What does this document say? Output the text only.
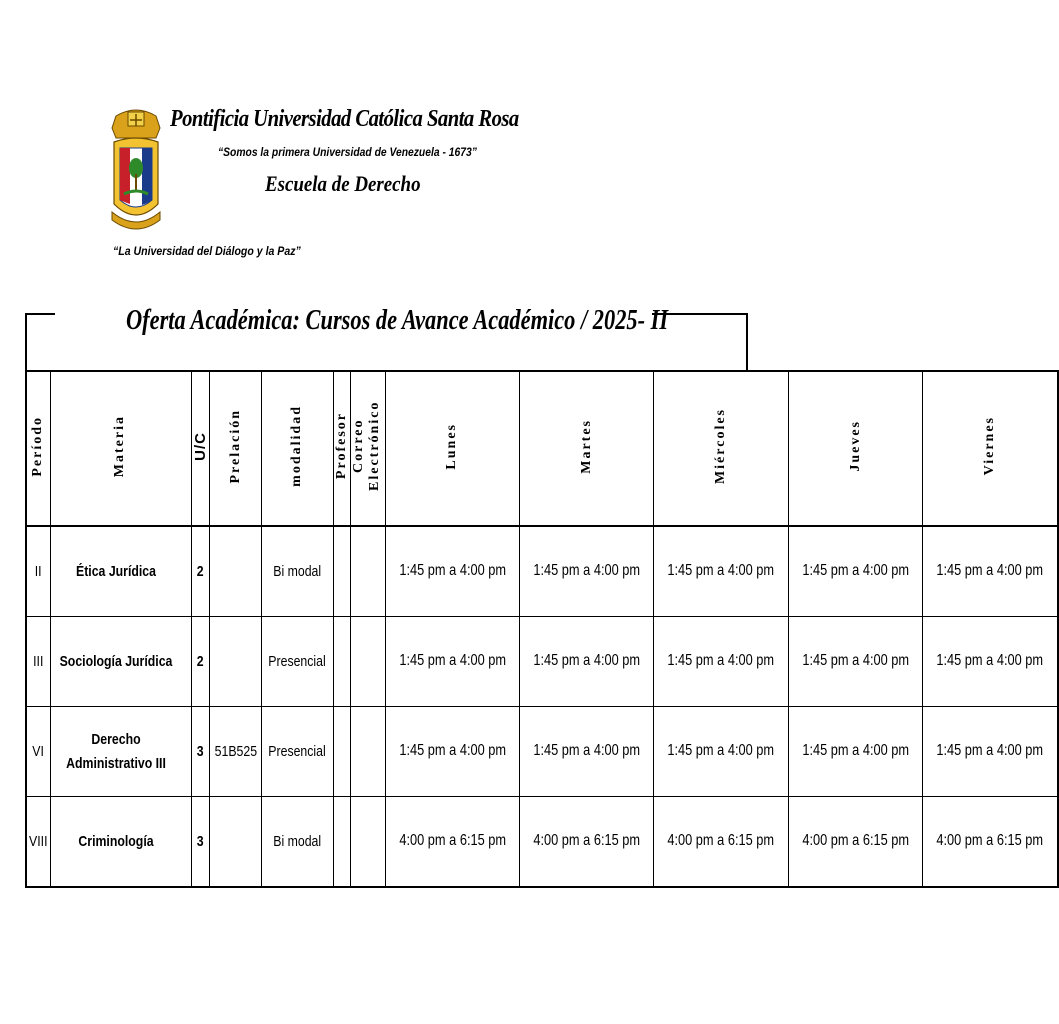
Pontificia Universidad Católica Santa Rosa
“Somos la primera Universidad de Venezuela - 1673”
Escuela de Derecho
“La Universidad del Diálogo y la Paz”
Oferta Académica: Cursos de Avance Académico / 2025- II
Período	Materia	U/C	Prelación	modalidad	Profesor	Correo Electrónico	Lunes	Martes	Miércoles	Jueves	Viernes
II	Ética Jurídica	2		Bi modal			1:45 pm a 4:00 pm	1:45 pm a 4:00 pm	1:45 pm a 4:00 pm	1:45 pm a 4:00 pm	1:45 pm a 4:00 pm
III	Sociología Jurídica	2		Presencial			1:45 pm a 4:00 pm	1:45 pm a 4:00 pm	1:45 pm a 4:00 pm	1:45 pm a 4:00 pm	1:45 pm a 4:00 pm
VI	Derecho Administrativo III	3	51B525	Presencial			1:45 pm a 4:00 pm	1:45 pm a 4:00 pm	1:45 pm a 4:00 pm	1:45 pm a 4:00 pm	1:45 pm a 4:00 pm
VIII	Criminología	3		Bi modal			4:00 pm a 6:15 pm	4:00 pm a 6:15 pm	4:00 pm a 6:15 pm	4:00 pm a 6:15 pm	4:00 pm a 6:15 pm
